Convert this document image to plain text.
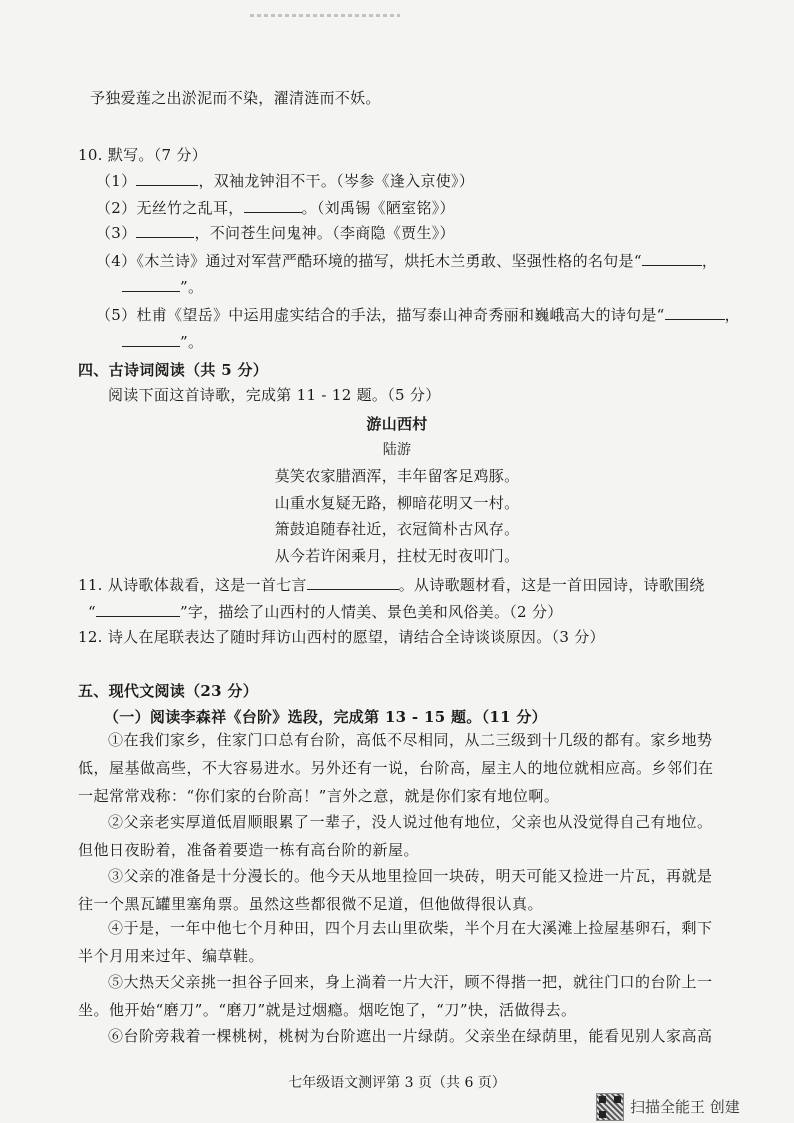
予独爱莲之出淤泥而不染，濯清涟而不妖。
10. 默写。（7 分）
（1）	，双袖龙钟泪不干。（岑参《逢入京使》）
（2）无丝竹之乱耳，	。（刘禹锡《陋室铭》）
（3）	，不问苍生问鬼神。（李商隐《贾生》）
（4）《木兰诗》通过对军营严酷环境的描写，烘托木兰勇敢、坚强性格的名句是“	，
”。
（5）杜甫《望岳》中运用虚实结合的手法，描写泰山神奇秀丽和巍峨高大的诗句是“	，
”。
四、古诗词阅读（共 5 分）
阅读下面这首诗歌，完成第 11 - 12 题。（5 分）
游山西村
陆游
莫笑农家腊酒浑，丰年留客足鸡豚。
山重水复疑无路，柳暗花明又一村。
箫鼓追随春社近，衣冠简朴古风存。
从今若许闲乘月，拄杖无时夜叩门。
11. 从诗歌体裁看，这是一首七言	。从诗歌题材看，这是一首田园诗，诗歌围绕
“	”字，描绘了山西村的人情美、景色美和风俗美。（2 分）
12. 诗人在尾联表达了随时拜访山西村的愿望，请结合全诗谈谈原因。（3 分）
五、现代文阅读（23 分）
（一）阅读李森祥《台阶》选段，完成第 13 - 15 题。（11 分）
①在我们家乡，住家门口总有台阶，高低不尽相同，从二三级到十几级的都有。家乡地势低，屋基做高些，不大容易进水。另外还有一说，台阶高，屋主人的地位就相应高。乡邻们在一起常常戏称：“你们家的台阶高！”言外之意，就是你们家有地位啊。
②父亲老实厚道低眉顺眼累了一辈子，没人说过他有地位，父亲也从没觉得自己有地位。但他日夜盼着，准备着要造一栋有高台阶的新屋。
③父亲的准备是十分漫长的。他今天从地里捡回一块砖，明天可能又捡进一片瓦，再就是往一个黑瓦罐里塞角票。虽然这些都很微不足道，但他做得很认真。
④于是，一年中他七个月种田，四个月去山里砍柴，半个月在大溪滩上捡屋基卵石，剩下半个月用来过年、编草鞋。
⑤大热天父亲挑一担谷子回来，身上淌着一片大汗，顾不得揩一把，就往门口的台阶上一坐。他开始“磨刀”。“磨刀”就是过烟瘾。烟吃饱了，“刀”快，活做得去。
⑥台阶旁栽着一棵桃树，桃树为台阶遮出一片绿荫。父亲坐在绿荫里，能看见别人家高高
七年级语文测评第 3 页（共 6 页）
扫描全能王 创建
